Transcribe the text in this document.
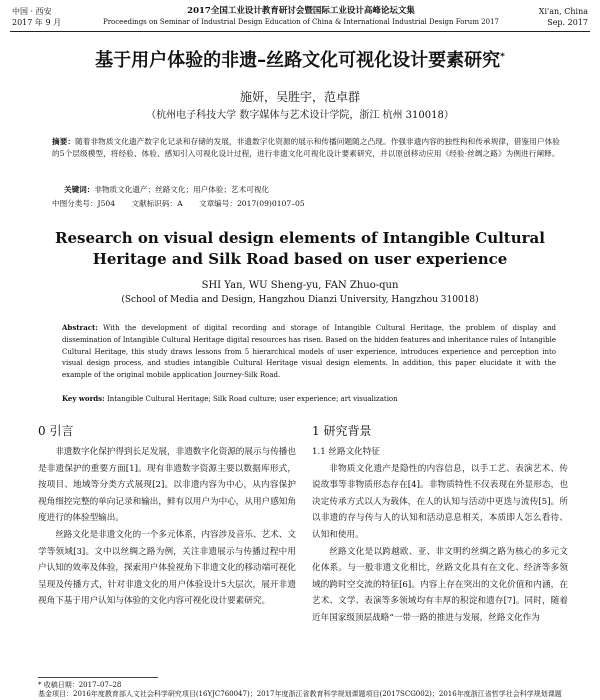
中国 · 西安
2017 年 9 月
2017全国工业设计教育研讨会暨国际工业设计高峰论坛文集
Proceedings on Seminar of Industrial Design Education of China & International Industrial Design Forum 2017
Xi'an, China
Sep. 2017
基于用户体验的非遗–丝路文化可视化设计要素研究*
施妍，吴胜宇，范卓群
（杭州电子科技大学 数字媒体与艺术设计学院，浙江 杭州 310018）
摘要：随着非物质文化遗产数字化记录和存储的发展，非遗数字化资源的展示和传播问题随之凸现。作强非遗内容的独性构和传承规律，借鉴用户体验的5个层级模型，将经验、体验、感知引入可视化设计过程，进行非遗文化可视化设计要素研究，并以原创移动应用《经验·丝绸之路》为例进行阐释。
关键词：非物质文化遗产；丝路文化；用户体验；艺术可视化
中图分类号：J504 文献标识码：A 文章编号：2017(09)0107–05
Research on visual design elements of Intangible Cultural Heritage and Silk Road based on user experience
SHI Yan, WU Sheng-yu, FAN Zhuo-qun
(School of Media and Design, Hangzhou Dianzi University, Hangzhou 310018)
Abstract: With the development of digital recording and storage of Intangible Cultural Heritage, the problem of display and dissemination of Intangible Cultural Heritage digital resources has risen. Based on the hidden features and inheritance rules of Intangible Cultural Heritage, this study draws lessons from 5 hierarchical models of user experience, introduces experience and perception into visual design process, and studies intangible Cultural Heritage visual design elements. In addition, this paper elucidate it with the example of the original mobile application Journey-Silk Road.
Key words: Intangible Cultural Heritage; Silk Road culture; user experience; art visualization
0 引言	1 研究背景

非遗数字化保护得到长足发展，非遗数字化资源的展示与传播也是非遗保护的重要方面[1]。现有非遗数字资源主要以数据库形式，按项目、地域等分类方式展现[2]。以非遗内容为中心，从内容保护视角细控完整的单向记录和输出，鲜有以用户为中心，从用户感知角度进行的体验型输出。

丝路文化是非遗文化的一个多元体系，内容涉及音乐、艺术、文学等领域[3]。文中以丝绸之路为例，关注非遗展示与传播过程中用户认知的效率及体验，探索用户体验视角下非遗文化的移动端可视化呈现及传播方式，针对非遗文化的用户体验设计5大层次，展开非遗视角下基于用户认知与体验的文化内容可视化设计要素研究。

1.1 丝路文化特征

非物质文化遗产是隐性的内容信息，以手工艺、表演艺术、传说故事等非物质形态存在[4]。非物质特性不仅表现在外显形态，也决定传承方式以人为载体，在人的认知与活动中更迭与流传[5]。所以非遗的存与传与人的认知和活动息息相关，本质即人怎么看待、认知和使用。

丝路文化是以跨越欧、亚、非文明约丝绸之路为核心的多元文化体系。与一般非遗文化相比，丝路文化具有在文化、经济等多领域的跨时空交流的特征[6]。内容上存在突出的文化价值和内涵，在艺术、文学、表演等多领域均有丰厚的积淀和遗存[7]。同时，随着近年国家级顶层战略“一带一路的推进与发展，丝路文化作为

* 收稿日期：2017–07–28
基金项目：2016年度教育部人文社会科学研究项目(16YJC760047)；2017年度浙江省教育科学规划课题项目(2017SCG002)；2016年度浙江省哲学社会科学规划课题
